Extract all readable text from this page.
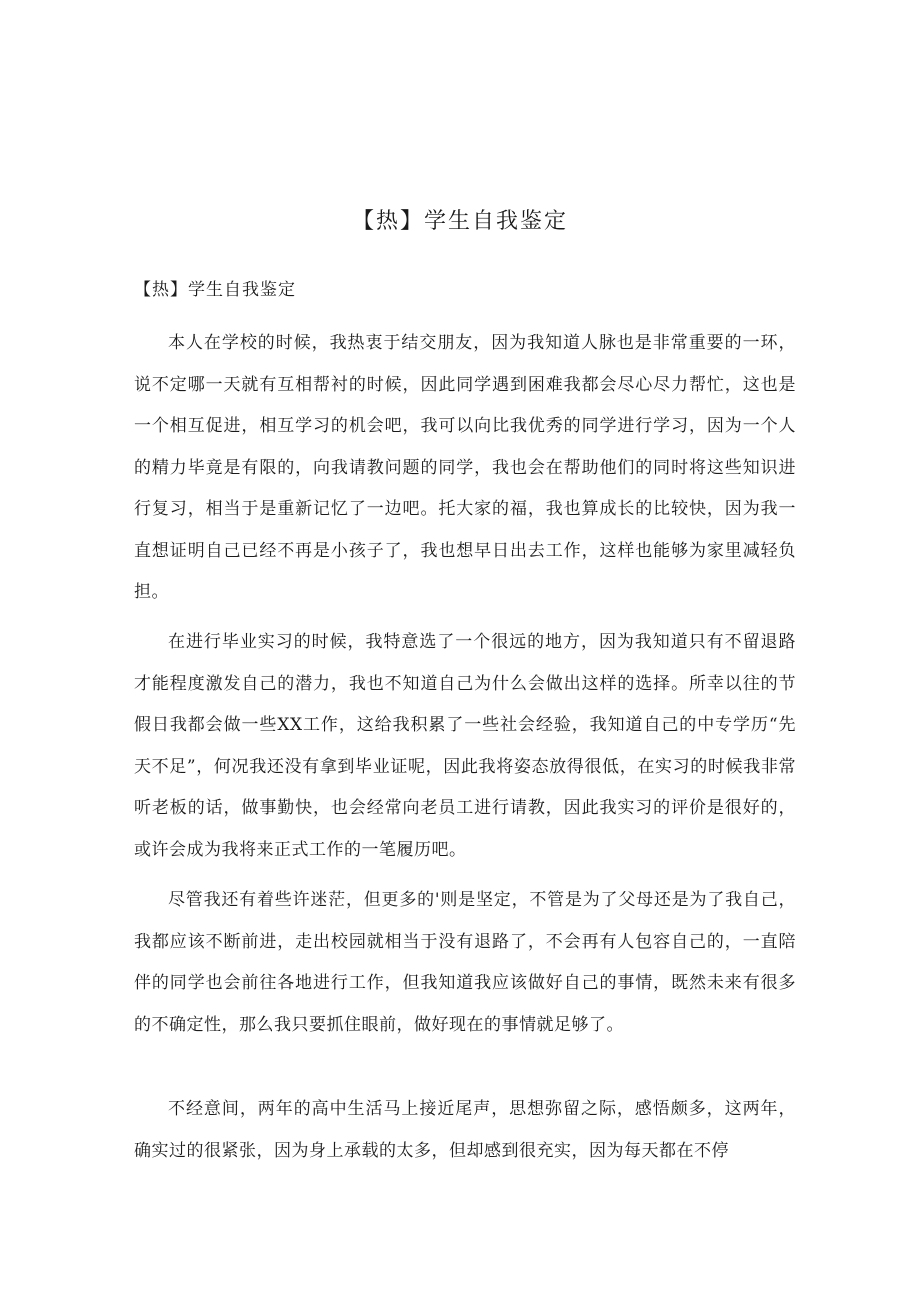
【热】学生自我鉴定

【热】学生自我鉴定

本人在学校的时候，我热衷于结交朋友，因为我知道人脉也是非常重要的一环，说不定哪一天就有互相帮衬的时候，因此同学遇到困难我都会尽心尽力帮忙，这也是一个相互促进，相互学习的机会吧，我可以向比我优秀的同学进行学习，因为一个人的精力毕竟是有限的，向我请教问题的同学，我也会在帮助他们的同时将这些知识进行复习，相当于是重新记忆了一边吧。托大家的福，我也算成长的比较快，因为我一直想证明自己已经不再是小孩子了，我也想早日出去工作，这样也能够为家里减轻负担。

在进行毕业实习的时候，我特意选了一个很远的地方，因为我知道只有不留退路才能程度激发自己的潜力，我也不知道自己为什么会做出这样的选择。所幸以往的节假日我都会做一些XX工作，这给我积累了一些社会经验，我知道自己的中专学历“先天不足”，何况我还没有拿到毕业证呢，因此我将姿态放得很低，在实习的时候我非常听老板的话，做事勤快，也会经常向老员工进行请教，因此我实习的评价是很好的，或许会成为我将来正式工作的一笔履历吧。

尽管我还有着些许迷茫，但更多的'则是坚定，不管是为了父母还是为了我自己，我都应该不断前进，走出校园就相当于没有退路了，不会再有人包容自己的，一直陪伴的同学也会前往各地进行工作，但我知道我应该做好自己的事情，既然未来有很多的不确定性，那么我只要抓住眼前，做好现在的事情就足够了。

不经意间，两年的高中生活马上接近尾声，思想弥留之际，感悟颇多，这两年，确实过的很紧张，因为身上承载的太多，但却感到很充实，因为每天都在不停
